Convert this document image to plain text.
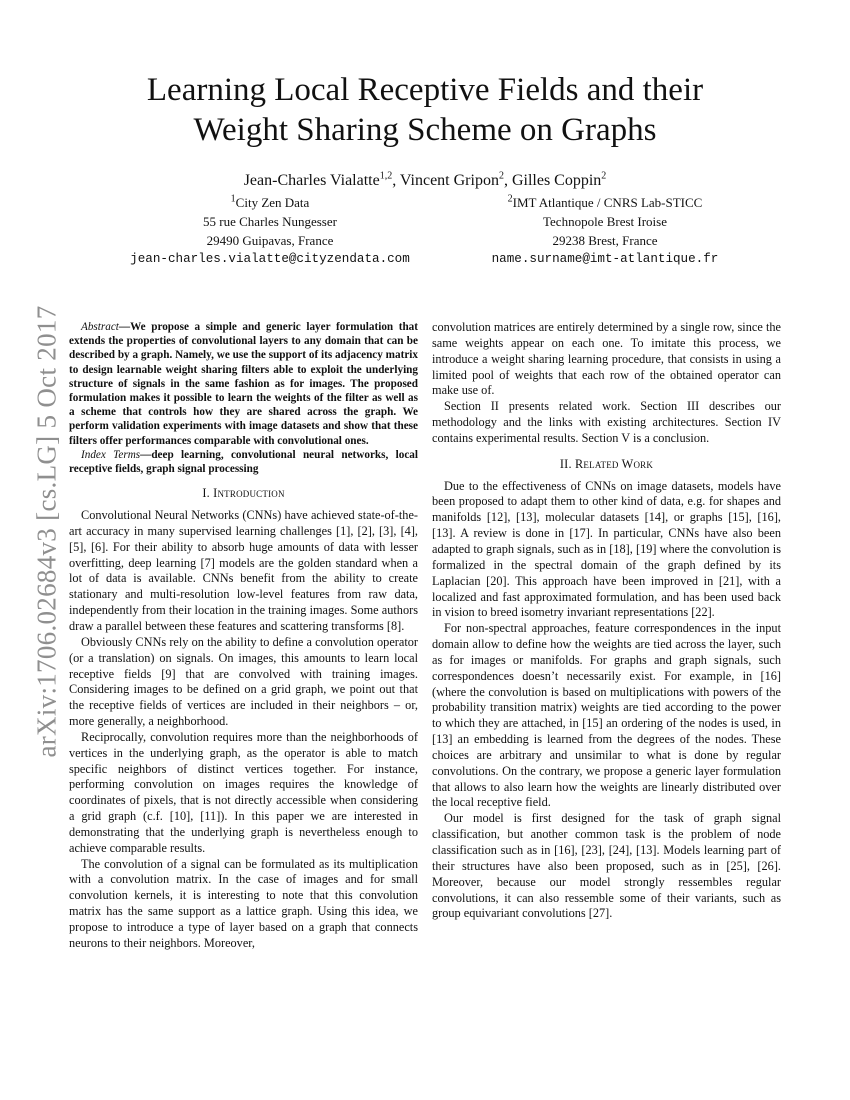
Learning Local Receptive Fields and their
Weight Sharing Scheme on Graphs
Jean-Charles Vialatte$^{1,2}$, Vincent Gripon$^2$, Gilles Coppin$^2$
$^1$City Zen Data
55 rue Charles Nungesser
29490 Guipavas, France
jean-charles.vialatte@cityzendata.com
$^2$IMT Atlantique / CNRS Lab-STICC
Technopole Brest Iroise
29238 Brest, France
name.surname@imt-atlantique.fr
arXiv:1706.02684v3 [cs.LG] 5 Oct 2017	Abstract—We propose a simple and generic layer formulation that extends the properties of convolutional layers to any domain that can be described by a graph. Namely, we use the support of its adjacency matrix to design learnable weight sharing filters able to exploit the underlying structure of signals in the same fashion as for images. The proposed formulation makes it possible to learn the weights of the filter as well as a scheme that controls how they are shared across the graph. We perform validation experiments with image datasets and show that these filters offer performances comparable with convolutional ones.

Index Terms—deep learning, convolutional neural networks, local receptive fields, graph signal processing

I. Introduction

Convolutional Neural Networks (CNNs) have achieved state-of-the-art accuracy in many supervised learning challenges [1], [2], [3], [4], [5], [6]. For their ability to absorb huge amounts of data with lesser overfitting, deep learning [7] models are the golden standard when a lot of data is available. CNNs benefit from the ability to create stationary and multi-resolution low-level features from raw data, independently from their location in the training images. Some authors draw a parallel between these features and scattering transforms [8].

Obviously CNNs rely on the ability to define a convolution operator (or a translation) on signals. On images, this amounts to learn local receptive fields [9] that are convolved with training images. Considering images to be defined on a grid graph, we point out that the receptive fields of vertices are included in their neighbors – or, more generally, a neighborhood.

Reciprocally, convolution requires more than the neighborhoods of vertices in the underlying graph, as the operator is able to match specific neighbors of distinct vertices together. For instance, performing convolution on images requires the knowledge of coordinates of pixels, that is not directly accessible when considering a grid graph (c.f. [10], [11]). In this paper we are interested in demonstrating that the underlying graph is nevertheless enough to achieve comparable results.

The convolution of a signal can be formulated as its multiplication with a convolution matrix. In the case of images and for small convolution kernels, it is interesting to note that this convolution matrix has the same support as a lattice graph. Using this idea, we propose to introduce a type of layer based on a graph that connects neurons to their neighbors. Moreover,

convolution matrices are entirely determined by a single row, since the same weights appear on each one. To imitate this process, we introduce a weight sharing learning procedure, that consists in using a limited pool of weights that each row of the obtained operator can make use of.

Section II presents related work. Section III describes our methodology and the links with existing architectures. Section IV contains experimental results. Section V is a conclusion.

II. Related Work

Due to the effectiveness of CNNs on image datasets, models have been proposed to adapt them to other kind of data, e.g. for shapes and manifolds [12], [13], molecular datasets [14], or graphs [15], [16], [13]. A review is done in [17]. In particular, CNNs have also been adapted to graph signals, such as in [18], [19] where the convolution is formalized in the spectral domain of the graph defined by its Laplacian [20]. This approach have been improved in [21], with a localized and fast approximated formulation, and has been used back in vision to breed isometry invariant representations [22].

For non-spectral approaches, feature correspondences in the input domain allow to define how the weights are tied across the layer, such as for images or manifolds. For graphs and graph signals, such correspondences doesn’t necessarily exist. For example, in [16] (where the convolution is based on multiplications with powers of the probability transition matrix) weights are tied according to the power to which they are attached, in [15] an ordering of the nodes is used, in [13] an embedding is learned from the degrees of the nodes. These choices are arbitrary and unsimilar to what is done by regular convolutions. On the contrary, we propose a generic layer formulation that allows to also learn how the weights are linearly distributed over the local receptive field.

Our model is first designed for the task of graph signal classification, but another common task is the problem of node classification such as in [16], [23], [24], [13]. Models learning part of their structures have also been proposed, such as in [25], [26]. Moreover, because our model strongly ressembles regular convolutions, it can also ressemble some of their variants, such as group equivariant convolutions [27].
